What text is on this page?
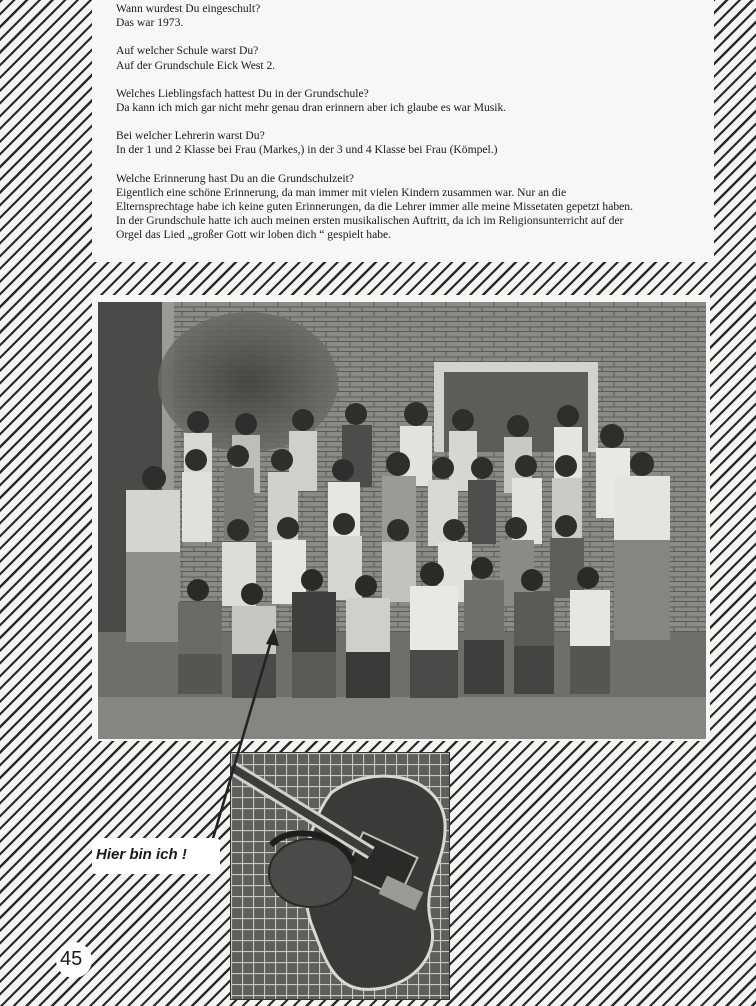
Wann wurdest Du eingeschult?
Das war 1973.

Auf welcher Schule warst Du?
Auf der Grundschule Eick West 2.

Welches Lieblingsfach hattest Du in der Grundschule?
Da kann ich mich gar nicht mehr genau dran erinnern aber ich glaube es war Musik.

Bei welcher Lehrerin warst Du?
In der 1 und 2 Klasse bei Frau (Markes,) in der 3 und 4 Klasse bei Frau (Kömpel.)

Welche Erinnerung hast Du an die Grundschulzeit?
Eigentlich eine schöne Erinnerung, da man immer mit vielen Kindern zusammen war. Nur an die
Elternsprechtage habe ich keine guten Erinnerungen, da die Lehrer immer alle meine Missetaten gepetzt haben.
In der Grundschule hatte ich auch meinen ersten musikalischen Auftritt, da ich im Religionsunterricht auf der
Orgel das Lied „großer Gott wir loben dich “ gespielt habe.

Hier bin ich !
45
